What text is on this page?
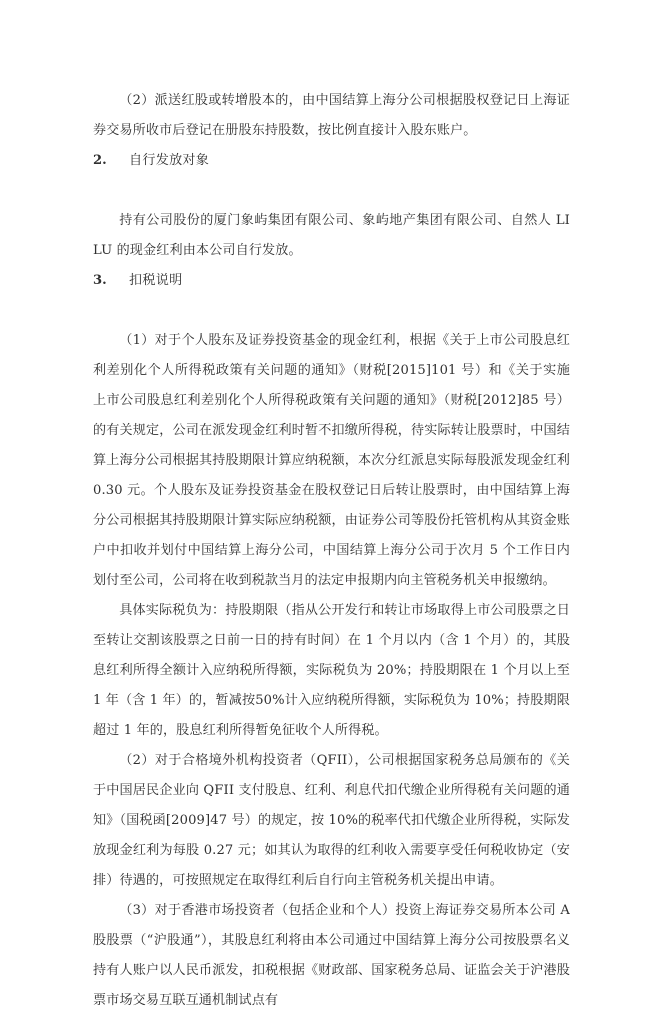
（2）派送红股或转增股本的，由中国结算上海分公司根据股权登记日上海证券交易所收市后登记在册股东持股数，按比例直接计入股东账户。

2.	自行发放对象

持有公司股份的厦门象屿集团有限公司、象屿地产集团有限公司、自然人 LI LU 的现金红利由本公司自行发放。

3.	扣税说明

（1）对于个人股东及证券投资基金的现金红利，根据《关于上市公司股息红利差别化个人所得税政策有关问题的通知》（财税[2015]101 号）和《关于实施上市公司股息红利差别化个人所得税政策有关问题的通知》（财税[2012]85 号）的有关规定，公司在派发现金红利时暂不扣缴所得税，待实际转让股票时，中国结算上海分公司根据其持股期限计算应纳税额，本次分红派息实际每股派发现金红利 0.30 元。个人股东及证券投资基金在股权登记日后转让股票时，由中国结算上海分公司根据其持股期限计算实际应纳税额，由证券公司等股份托管机构从其资金账户中扣收并划付中国结算上海分公司，中国结算上海分公司于次月 5 个工作日内划付至公司，公司将在收到税款当月的法定申报期内向主管税务机关申报缴纳。

具体实际税负为：持股期限（指从公开发行和转让市场取得上市公司股票之日至转让交割该股票之日前一日的持有时间）在 1 个月以内（含 1 个月）的，其股息红利所得全额计入应纳税所得额，实际税负为 20%；持股期限在 1 个月以上至 1 年（含 1 年）的，暂减按50%计入应纳税所得额，实际税负为 10%；持股期限超过 1 年的，股息红利所得暂免征收个人所得税。

（2）对于合格境外机构投资者（QFII），公司根据国家税务总局颁布的《关于中国居民企业向 QFII 支付股息、红利、利息代扣代缴企业所得税有关问题的通知》（国税函[2009]47 号）的规定，按 10%的税率代扣代缴企业所得税，实际发放现金红利为每股 0.27 元；如其认为取得的红利收入需要享受任何税收协定（安排）待遇的，可按照规定在取得红利后自行向主管税务机关提出申请。

（3）对于香港市场投资者（包括企业和个人）投资上海证券交易所本公司 A 股股票（“沪股通”），其股息红利将由本公司通过中国结算上海分公司按股票名义持有人账户以人民币派发，扣税根据《财政部、国家税务总局、证监会关于沪港股票市场交易互联互通机制试点有
